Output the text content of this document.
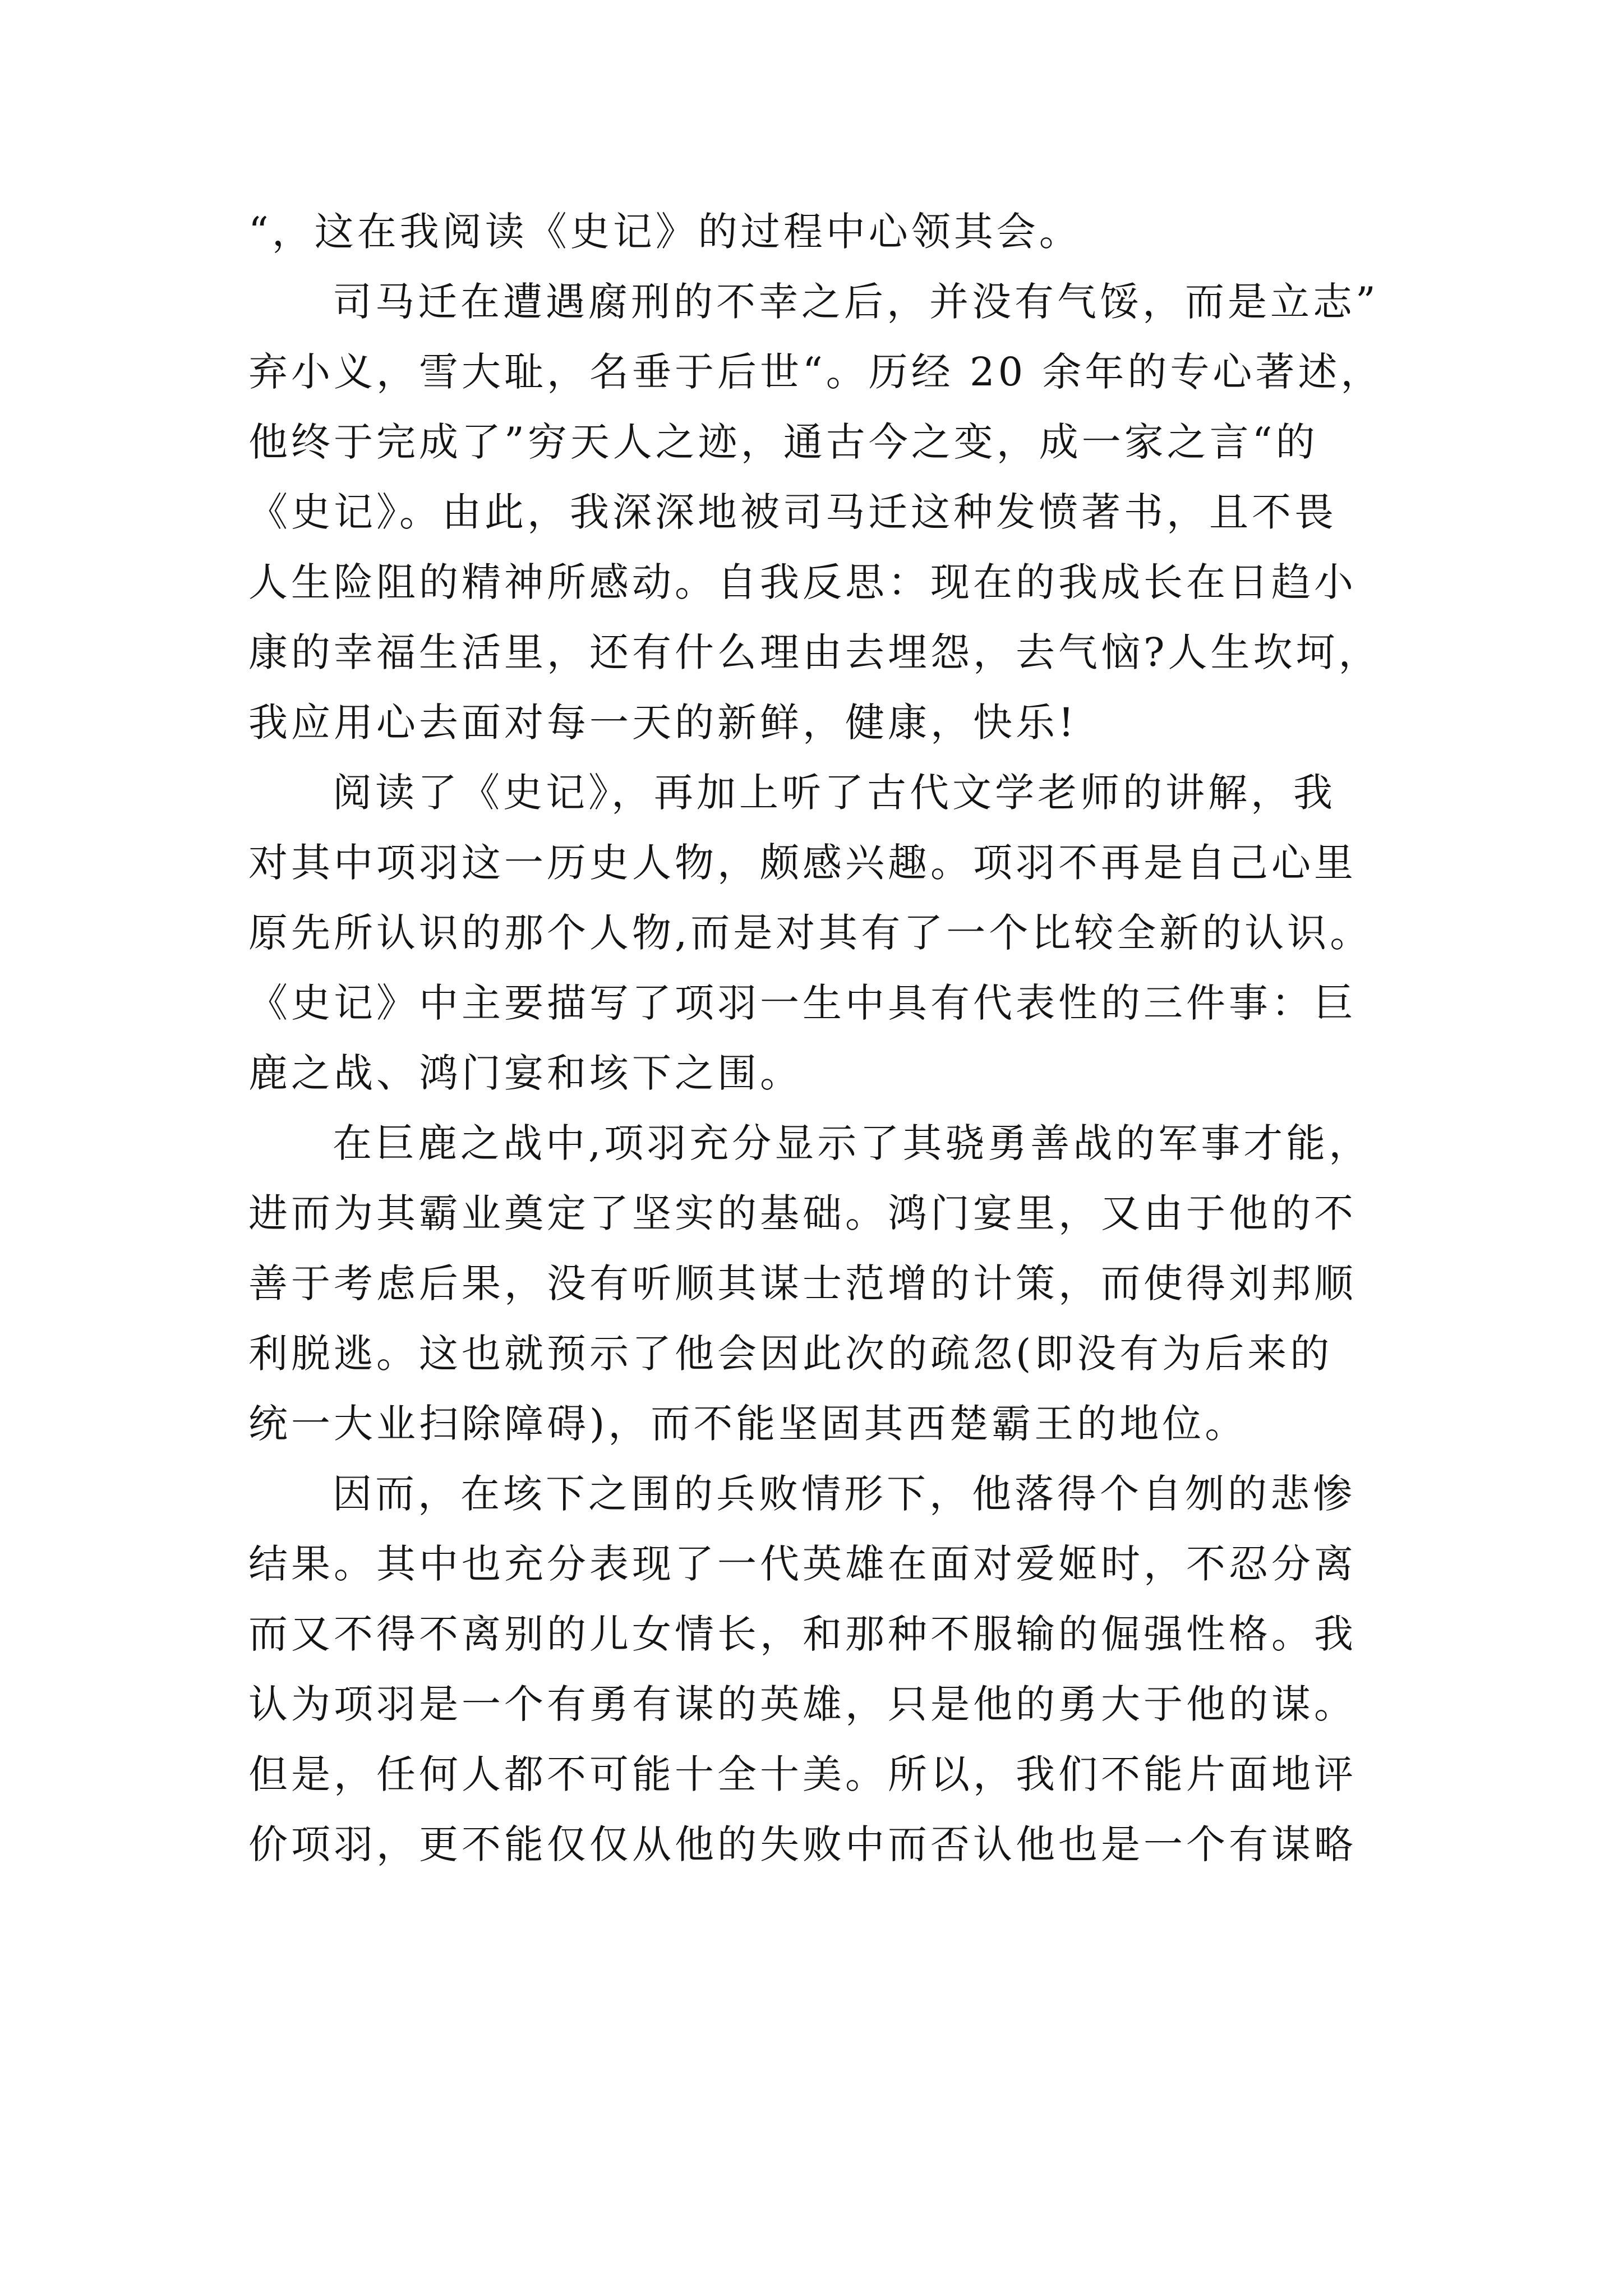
“，这在我阅读《史记》的过程中心领其会。
司马迁在遭遇腐刑的不幸之后，并没有气馁，而是立志”
弃小义，雪大耻，名垂于后世“。历经 20 余年的专心著述，
他终于完成了”穷天人之迹，通古今之变，成一家之言“的
《史记》。由此，我深深地被司马迁这种发愤著书，且不畏
人生险阻的精神所感动。自我反思：现在的我成长在日趋小
康的幸福生活里，还有什么理由去埋怨，去气恼?人生坎坷，
我应用心去面对每一天的新鲜，健康，快乐!
阅读了《史记》，再加上听了古代文学老师的讲解，我
对其中项羽这一历史人物，颇感兴趣。项羽不再是自己心里
原先所认识的那个人物,而是对其有了一个比较全新的认识。
《史记》中主要描写了项羽一生中具有代表性的三件事：巨
鹿之战、鸿门宴和垓下之围。
在巨鹿之战中,项羽充分显示了其骁勇善战的军事才能，
进而为其霸业奠定了坚实的基础。鸿门宴里，又由于他的不
善于考虑后果，没有听顺其谋士范增的计策，而使得刘邦顺
利脱逃。这也就预示了他会因此次的疏忽(即没有为后来的
统一大业扫除障碍)，而不能坚固其西楚霸王的地位。
因而，在垓下之围的兵败情形下，他落得个自刎的悲惨
结果。其中也充分表现了一代英雄在面对爱姬时，不忍分离
而又不得不离别的儿女情长，和那种不服输的倔强性格。我
认为项羽是一个有勇有谋的英雄，只是他的勇大于他的谋。
但是，任何人都不可能十全十美。所以，我们不能片面地评
价项羽，更不能仅仅从他的失败中而否认他也是一个有谋略
